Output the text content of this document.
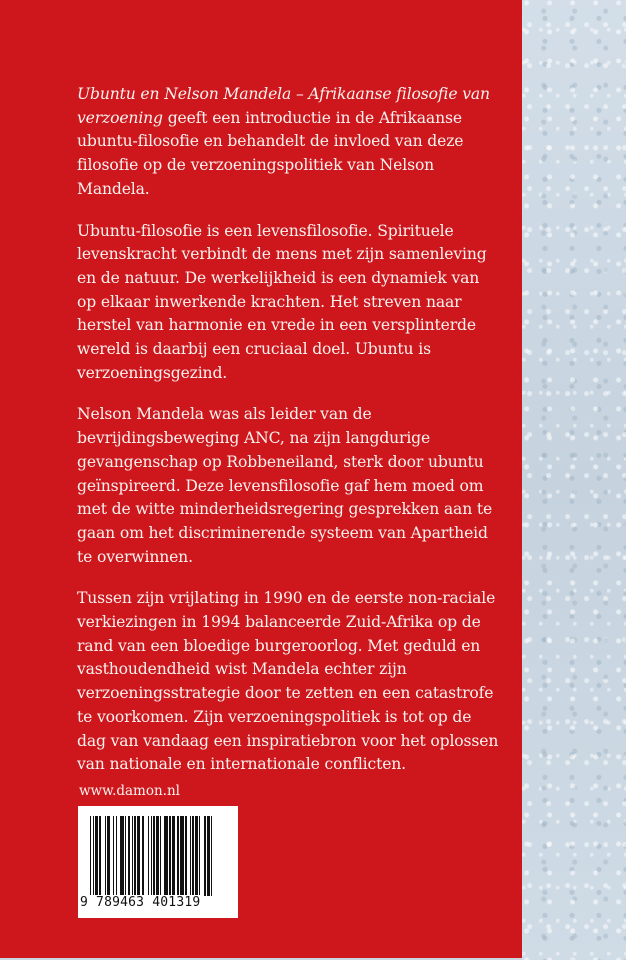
Ubuntu en Nelson Mandela – Afrikaanse filosofie van verzoening geeft een introductie in de Afrikaanse ubuntu-filosofie en behandelt de invloed van deze filosofie op de verzoeningspolitiek van Nelson Mandela.

Ubuntu-filosofie is een levensfilosofie. Spirituele levenskracht verbindt de mens met zijn samenleving en de natuur. De werkelijkheid is een dynamiek van op elkaar inwerkende krachten. Het streven naar herstel van harmonie en vrede in een versplinterde wereld is daarbij een cruciaal doel. Ubuntu is verzoeningsgezind.

Nelson Mandela was als leider van de bevrijdingsbeweging ANC, na zijn langdurige gevangenschap op Robbeneiland, sterk door ubuntu geïnspireerd. Deze levensfilosofie gaf hem moed om met de witte minderheidsregering gesprekken aan te gaan om het discriminerende systeem van Apartheid te overwinnen.

Tussen zijn vrijlating in 1990 en de eerste non-raciale verkiezingen in 1994 balanceerde Zuid-Afrika op de rand van een bloedige burgeroorlog. Met geduld en vasthoudendheid wist Mandela echter zijn verzoeningsstrategie door te zetten en een catastrofe te voorkomen. Zijn verzoeningspolitiek is tot op de dag van vandaag een inspiratiebron voor het oplossen van nationale en internationale conflicten.

www.damon.nl
9 789463 401319
